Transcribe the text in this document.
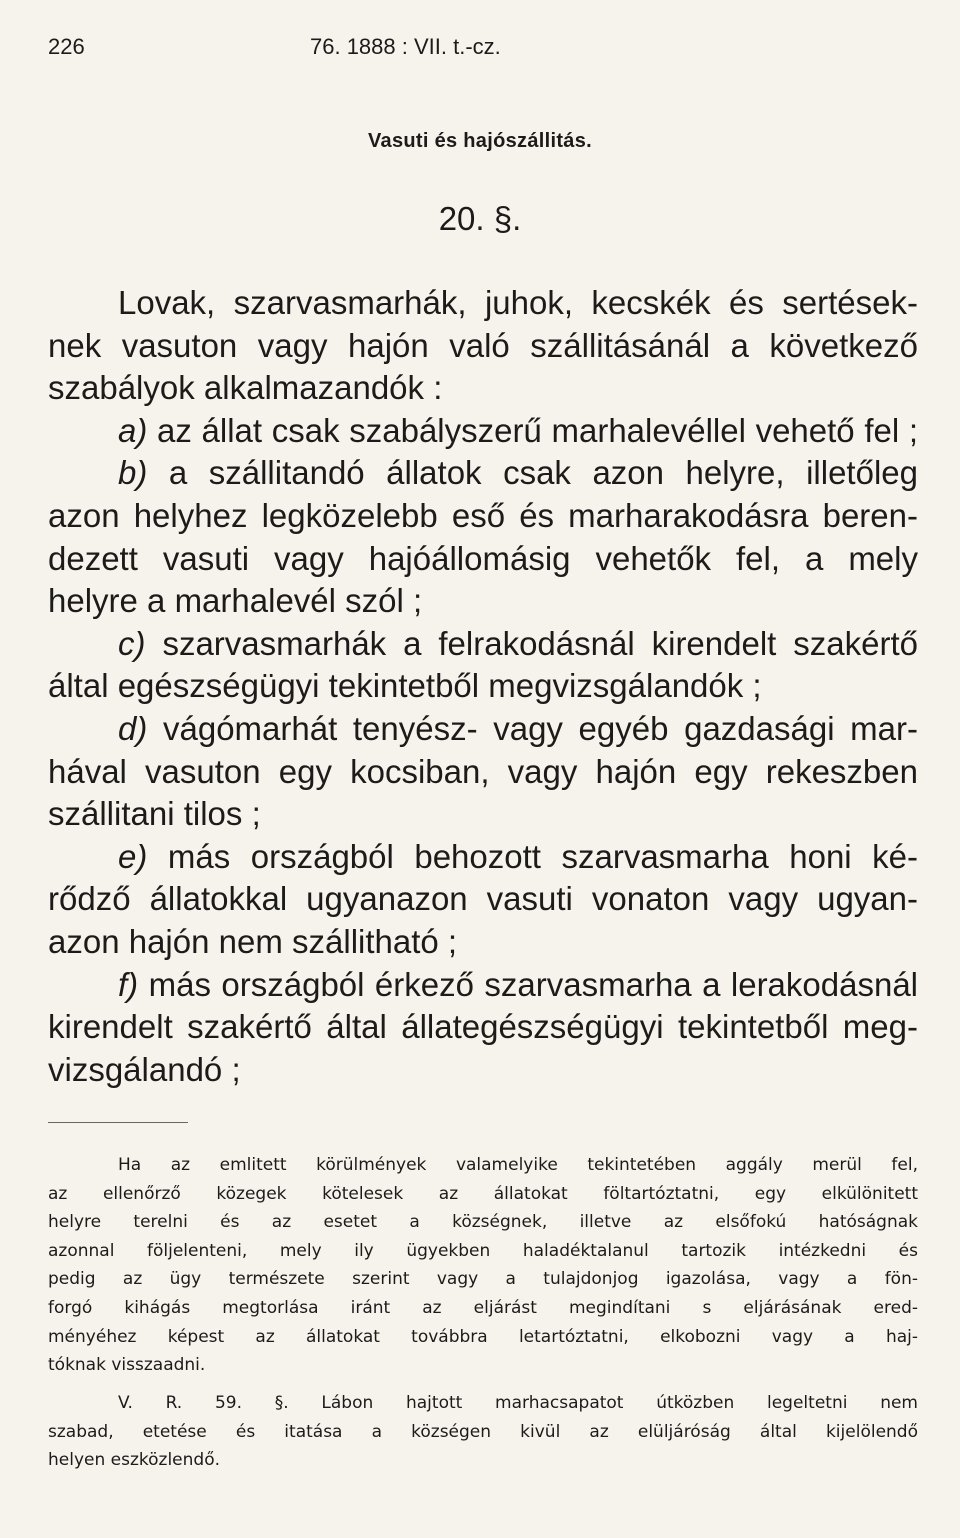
226	76. 1888 : VII. t.-cz.
Vasuti és hajószállitás.
20. §.
Lovak, szarvasmarhák, juhok, kecskék és sertések-
nek vasuton vagy hajón való szállitásánál a következő
szabályok alkalmazandók :
a) az állat csak szabályszerű marhalevéllel vehető fel ;
b) a szállitandó állatok csak azon helyre, illetőleg
azon helyhez legközelebb eső és marharakodásra beren-
dezett vasuti vagy hajóállomásig vehetők fel, a mely
helyre a marhalevél szól ;
c) szarvasmarhák a felrakodásnál kirendelt szakértő
által egészségügyi tekintetből megvizsgálandók ;
d) vágómarhát tenyész- vagy egyéb gazdasági mar-
hával vasuton egy kocsiban, vagy hajón egy rekeszben
szállitani tilos ;
e) más országból behozott szarvasmarha honi ké-
rődző állatokkal ugyanazon vasuti vonaton vagy ugyan-
azon hajón nem szállitható ;
f) más országból érkező szarvasmarha a lerakodásnál
kirendelt szakértő által állategészségügyi tekintetből meg-
vizsgálandó ;
Ha az emlitett körülmények valamelyike tekintetében aggály merül fel,
az ellenőrző közegek kötelesek az állatokat föltartóztatni, egy elkülönitett
helyre terelni és az esetet a községnek, illetve az elsőfokú hatóságnak
azonnal följelenteni, mely ily ügyekben haladéktalanul tartozik intézkedni és
pedig az ügy természete szerint vagy a tulajdonjog igazolása, vagy a fön-
forgó kihágás megtorlása iránt az eljárást megindítani s eljárásának ered-
ményéhez képest az állatokat továbbra letartóztatni, elkobozni vagy a haj-
tóknak visszaadni.
V. R. 59. §. Lábon hajtott marhacsapatot útközben legeltetni nem
szabad, etetése és itatása a községen kivül az elüljáróság által kijelölendő
helyen eszközlendő.
